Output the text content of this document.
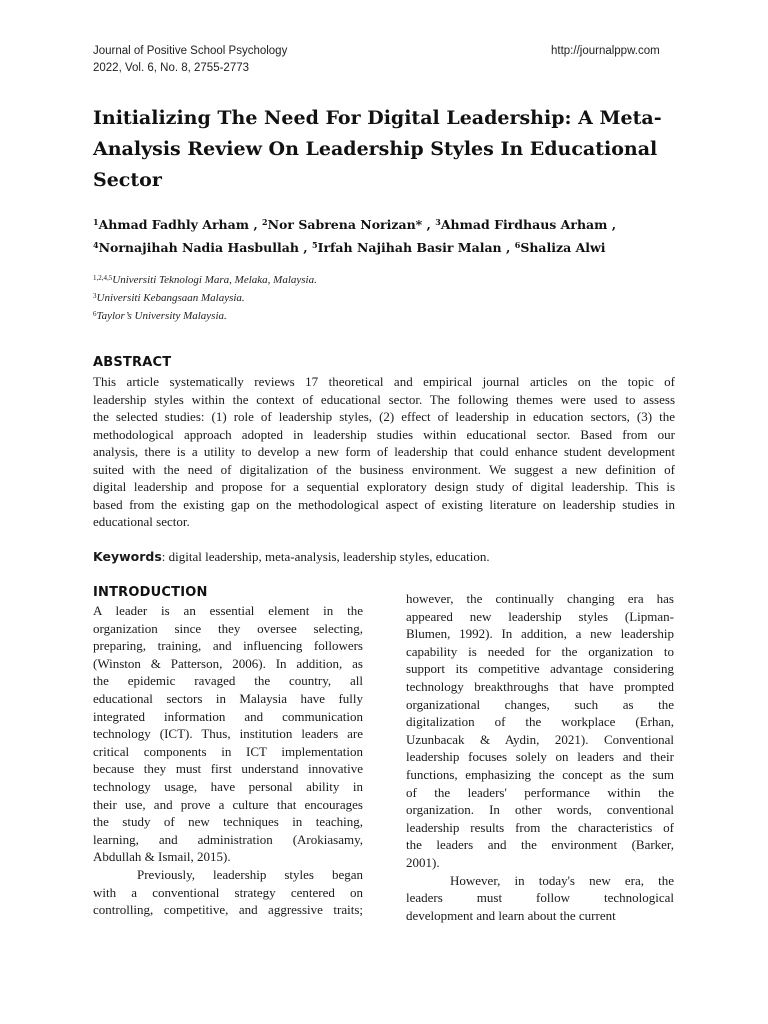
Journal of Positive School Psychology
2022, Vol. 6, No. 8, 2755-2773
http://journalppw.com
Initializing The Need For Digital Leadership: A Meta-
Analysis Review On Leadership Styles In Educational
Sector
$^1$Ahmad Fadhly Arham , $^2$Nor Sabrena Norizan* , $^3$Ahmad Firdhaus Arham ,
$^4$Nornajihah Nadia Hasbullah , $^5$Irfah Najihah Basir Malan , $^6$Shaliza Alwi
$^{1,2,4,5}$Universiti Teknologi Mara, Melaka, Malaysia.
$^3$Universiti Kebangsaan Malaysia.
$^6$Taylor’s University Malaysia.
ABSTRACT
This article systematically reviews 17 theoretical and empirical journal articles on the topic of
leadership styles within the context of educational sector. The following themes were used to assess
the selected studies: (1) role of leadership styles, (2) effect of leadership in education sectors, (3) the
methodological approach adopted in leadership studies within educational sector. Based from our
analysis, there is a utility to develop a new form of leadership that could enhance student development
suited with the need of digitalization of the business environment. We suggest a new definition of
digital leadership and propose for a sequential exploratory design study of digital leadership. This is
based from the existing gap on the methodological aspect of existing literature on leadership studies in
educational sector.
Keywords: digital leadership, meta-analysis, leadership styles, education.
INTRODUCTION
A leader is an essential element in the
organization since they oversee selecting,
preparing, training, and influencing followers
(Winston & Patterson, 2006). In addition, as
the epidemic ravaged the country, all
educational sectors in Malaysia have fully
integrated information and communication
technology (ICT). Thus, institution leaders are
critical components in ICT implementation
because they must first understand innovative
technology usage, have personal ability in
their use, and prove a culture that encourages
the study of new techniques in teaching,
learning, and administration (Arokiasamy,
Abdullah & Ismail, 2015).
Previously, leadership styles began
with a conventional strategy centered on
controlling, competitive, and aggressive traits;
however, the continually changing era has
appeared new leadership styles (Lipman-
Blumen, 1992). In addition, a new leadership
capability is needed for the organization to
support its competitive advantage considering
technology breakthroughs that have prompted
organizational changes, such as the
digitalization of the workplace (Erhan,
Uzunbacak & Aydin, 2021). Conventional
leadership focuses solely on leaders and their
functions, emphasizing the concept as the sum
of the leaders' performance within the
organization. In other words, conventional
leadership results from the characteristics of
the leaders and the environment (Barker,
2001).
However, in today's new era, the
leaders must follow technological
development and learn about the current
